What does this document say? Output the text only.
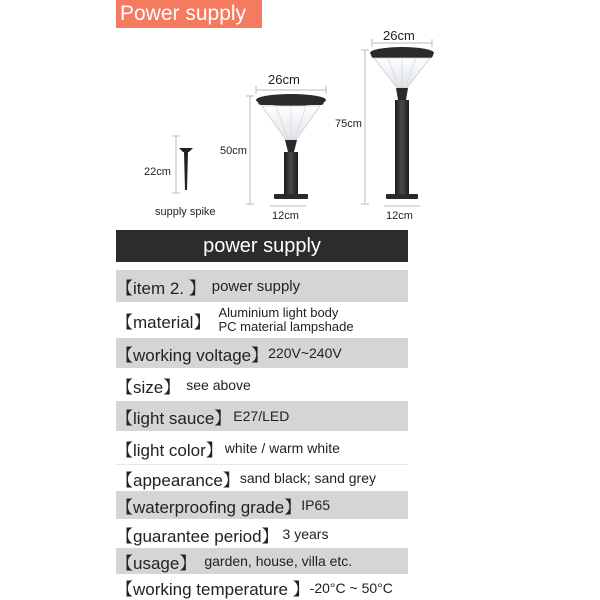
Power supply
22cm
supply spike
26cm
50cm
12cm
26cm
75cm
12cm
power supply
【item 2. 】 power supply
【material】 Aluminium light body
PC material lampshade
【working voltage】 220V~240V
【size】 see above
【light sauce】 E27/LED
【light color】 white / warm white
【appearance】 sand black; sand grey
【waterproofing grade】 IP65
【guarantee period】 3 years
【usage】 garden, house, villa etc.
【working temperature 】 -20°C ~ 50°C
